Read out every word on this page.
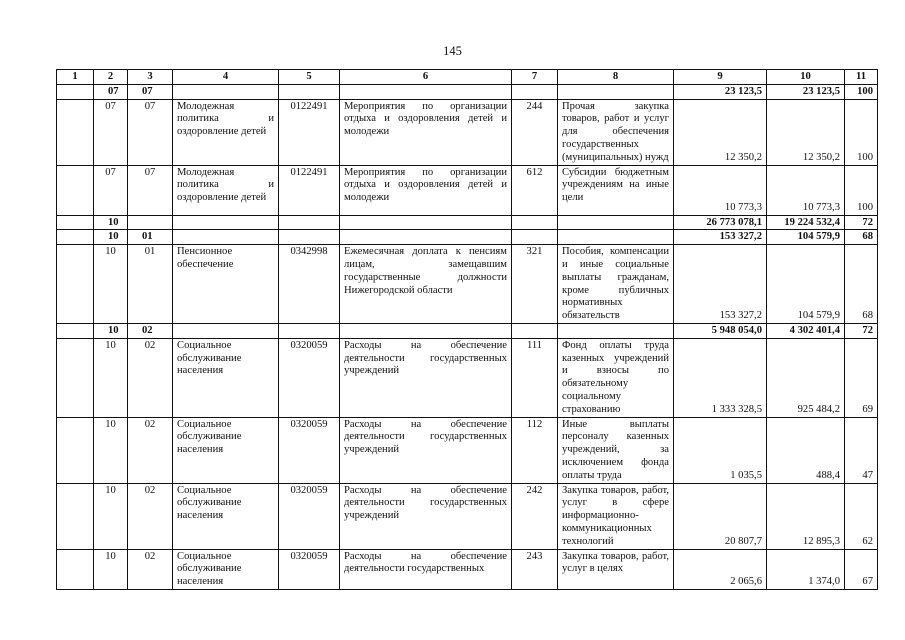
145
1	2	3	4	5	6	7	8	9	10	11
	07	07						23 123,5	23 123,5	100
	07	07	Молодежная политика и оздоровление детей	0122491	Мероприятия по организации отдыха и оздоровления детей и молодежи	244	Прочая закупка товаров, работ и услуг для обеспечения государственных (муниципальных) нужд	12 350,2	12 350,2	100
	07	07	Молодежная политика и оздоровление детей	0122491	Мероприятия по организации отдыха и оздоровления детей и молодежи	612	Субсидии бюджетным учреждениям на иные цели	10 773,3	10 773,3	100
	10							26 773 078,1	19 224 532,4	72
	10	01						153 327,2	104 579,9	68
	10	01	Пенсионное обеспечение	0342998	Ежемесячная доплата к пенсиям лицам, замещавшим государственные должности Нижегородской области	321	Пособия, компенсации и иные социальные выплаты гражданам, кроме публичных нормативных обязательств	153 327,2	104 579,9	68
	10	02						5 948 054,0	4 302 401,4	72
	10	02	Социальное обслуживание населения	0320059	Расходы на обеспечение деятельности государственных учреждений	111	Фонд оплаты труда казенных учреждений и взносы по обязательному социальному страхованию	1 333 328,5	925 484,2	69
	10	02	Социальное обслуживание населения	0320059	Расходы на обеспечение деятельности государственных учреждений	112	Иные выплаты персоналу казенных учреждений, за исключением фонда оплаты труда	1 035,5	488,4	47
	10	02	Социальное обслуживание населения	0320059	Расходы на обеспечение деятельности государственных учреждений	242	Закупка товаров, работ, услуг в сфере информационно-коммуникационных технологий	20 807,7	12 895,3	62
	10	02	Социальное обслуживание населения	0320059	Расходы на обеспечение деятельности государственных	243	Закупка товаров, работ, услуг в целях	2 065,6	1 374,0	67
